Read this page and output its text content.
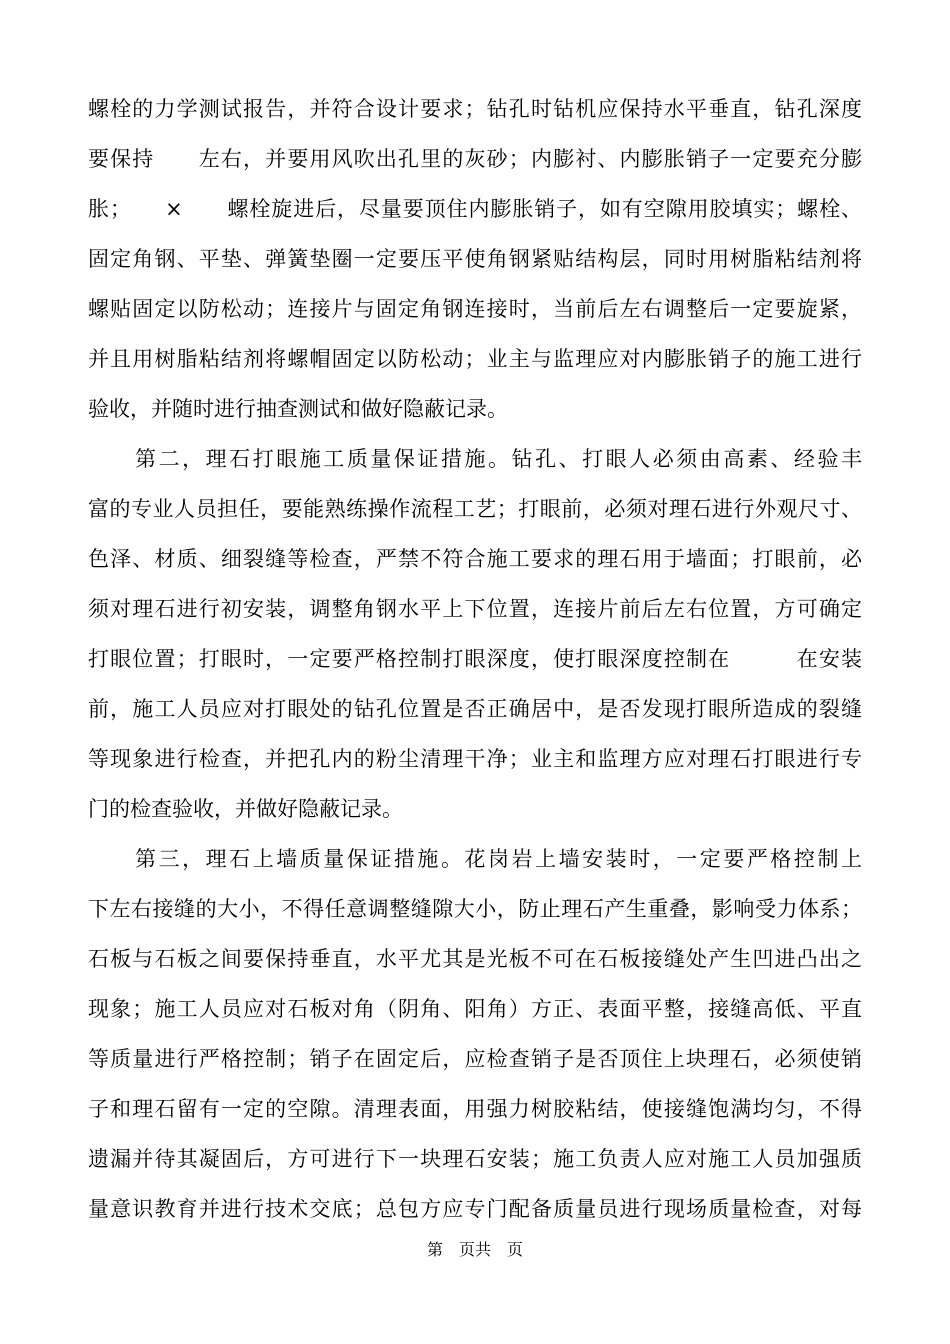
螺栓的力学测试报告，并符合设计要求；钻孔时钻机应保持水平垂直，钻孔深度
要保持　　左右，并要用风吹出孔里的灰砂；内膨衬、内膨胀销子一定要充分膨
胀；　　×　　螺栓旋进后，尽量要顶住内膨胀销子，如有空隙用胶填实；螺栓、
固定角钢、平垫、弹簧垫圈一定要压平使角钢紧贴结构层，同时用树脂粘结剂将
螺贴固定以防松动；连接片与固定角钢连接时，当前后左右调整后一定要旋紧，
并且用树脂粘结剂将螺帽固定以防松动；业主与监理应对内膨胀销子的施工进行
验收，并随时进行抽查测试和做好隐蔽记录。
　　第二，理石打眼施工质量保证措施。钻孔、打眼人必须由高素、经验丰
富的专业人员担任，要能熟练操作流程工艺；打眼前，必须对理石进行外观尺寸、
色泽、材质、细裂缝等检查，严禁不符合施工要求的理石用于墙面；打眼前，必
须对理石进行初安装，调整角钢水平上下位置，连接片前后左右位置，方可确定
打眼位置；打眼时，一定要严格控制打眼深度，使打眼深度控制在　　　在安装
前，施工人员应对打眼处的钻孔位置是否正确居中，是否发现打眼所造成的裂缝
等现象进行检查，并把孔内的粉尘清理干净；业主和监理方应对理石打眼进行专
门的检查验收，并做好隐蔽记录。
　　第三，理石上墙质量保证措施。花岗岩上墙安装时，一定要严格控制上
下左右接缝的大小，不得任意调整缝隙大小，防止理石产生重叠，影响受力体系；
石板与石板之间要保持垂直，水平尤其是光板不可在石板接缝处产生凹进凸出之
现象；施工人员应对石板对角（阴角、阳角）方正、表面平整，接缝高低、平直
等质量进行严格控制；销子在固定后，应检查销子是否顶住上块理石，必须使销
子和理石留有一定的空隙。清理表面，用强力树胶粘结，使接缝饱满均匀，不得
遗漏并待其凝固后，方可进行下一块理石安装；施工负责人应对施工人员加强质
量意识教育并进行技术交底；总包方应专门配备质量员进行现场质量检查，对每
第　页共　页
